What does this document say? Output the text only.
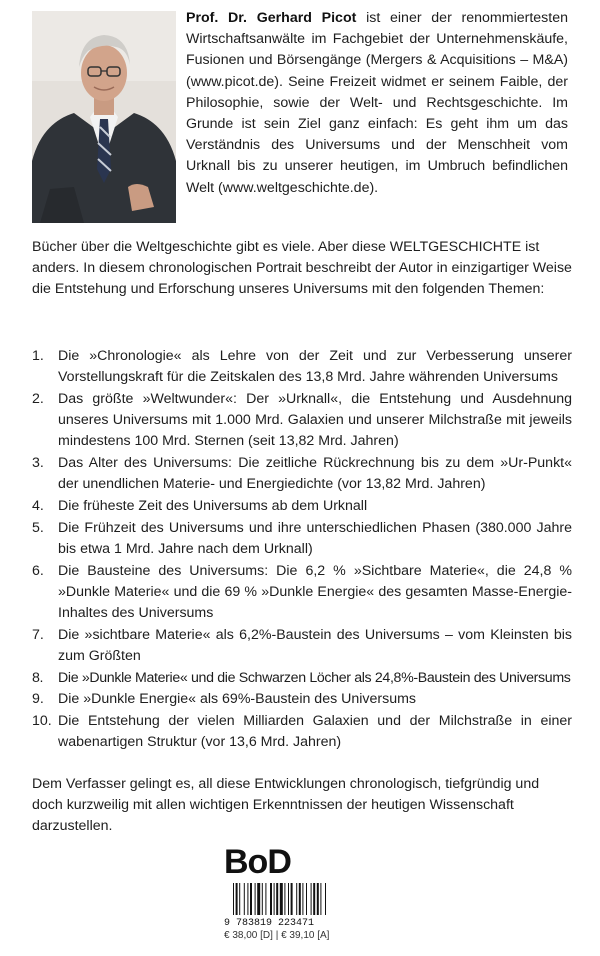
Prof. Dr. Gerhard Picot ist einer der renommiertesten Wirtschaftsanwälte im Fachgebiet der Unternehmenskäufe, Fusionen und Börsengänge (Mergers & Acquisitions – M&A) (www.picot.de). Seine Freizeit widmet er seinem Faible, der Philosophie, sowie der Welt- und Rechtsgeschichte. Im Grunde ist sein Ziel ganz einfach: Es geht ihm um das Verständnis des Universums und der Menschheit vom Urknall bis zu unserer heutigen, im Umbruch befindlichen Welt (www.weltgeschichte.de).
Bücher über die Weltgeschichte gibt es viele. Aber diese WELTGESCHICHTE ist anders. In diesem chronologischen Portrait beschreibt der Autor in einzigartiger Weise die Entstehung und Erforschung unseres Universums mit den folgenden Themen:
1. Die »Chronologie« als Lehre von der Zeit und zur Verbesserung unserer Vorstellungskraft für die Zeitskalen des 13,8 Mrd. Jahre währenden Universums
2. Das größte »Weltwunder«: Der »Urknall«, die Entstehung und Ausdehnung unseres Universums mit 1.000 Mrd. Galaxien und unserer Milchstraße mit jeweils mindestens 100 Mrd. Sternen (seit 13,82 Mrd. Jahren)
3. Das Alter des Universums: Die zeitliche Rückrechnung bis zu dem »Ur-Punkt« der unendlichen Materie- und Energiedichte (vor 13,82 Mrd. Jahren)
4. Die früheste Zeit des Universums ab dem Urknall
5. Die Frühzeit des Universums und ihre unterschiedlichen Phasen (380.000 Jahre bis etwa 1 Mrd. Jahre nach dem Urknall)
6. Die Bausteine des Universums: Die 6,2 % »Sichtbare Materie«, die 24,8 % »Dunkle Materie« und die 69 % »Dunkle Energie« des gesamten Masse-Energie-Inhaltes des Universums
7. Die »sichtbare Materie« als 6,2%-Baustein des Universums – vom Kleinsten bis zum Größten
8. Die »Dunkle Materie« und die Schwarzen Löcher als 24,8%-Baustein des Universums
9. Die »Dunkle Energie« als 69%-Baustein des Universums
10. Die Entstehung der vielen Milliarden Galaxien und der Milchstraße in einer wabenartigen Struktur (vor 13,6 Mrd. Jahren)
Dem Verfasser gelingt es, all diese Entwicklungen chronologisch, tiefgründig und doch kurzweilig mit allen wichtigen Erkenntnissen der heutigen Wissenschaft darzustellen.
BoD
9 783819 223471
€ 38,00 [D] | € 39,10 [A]
